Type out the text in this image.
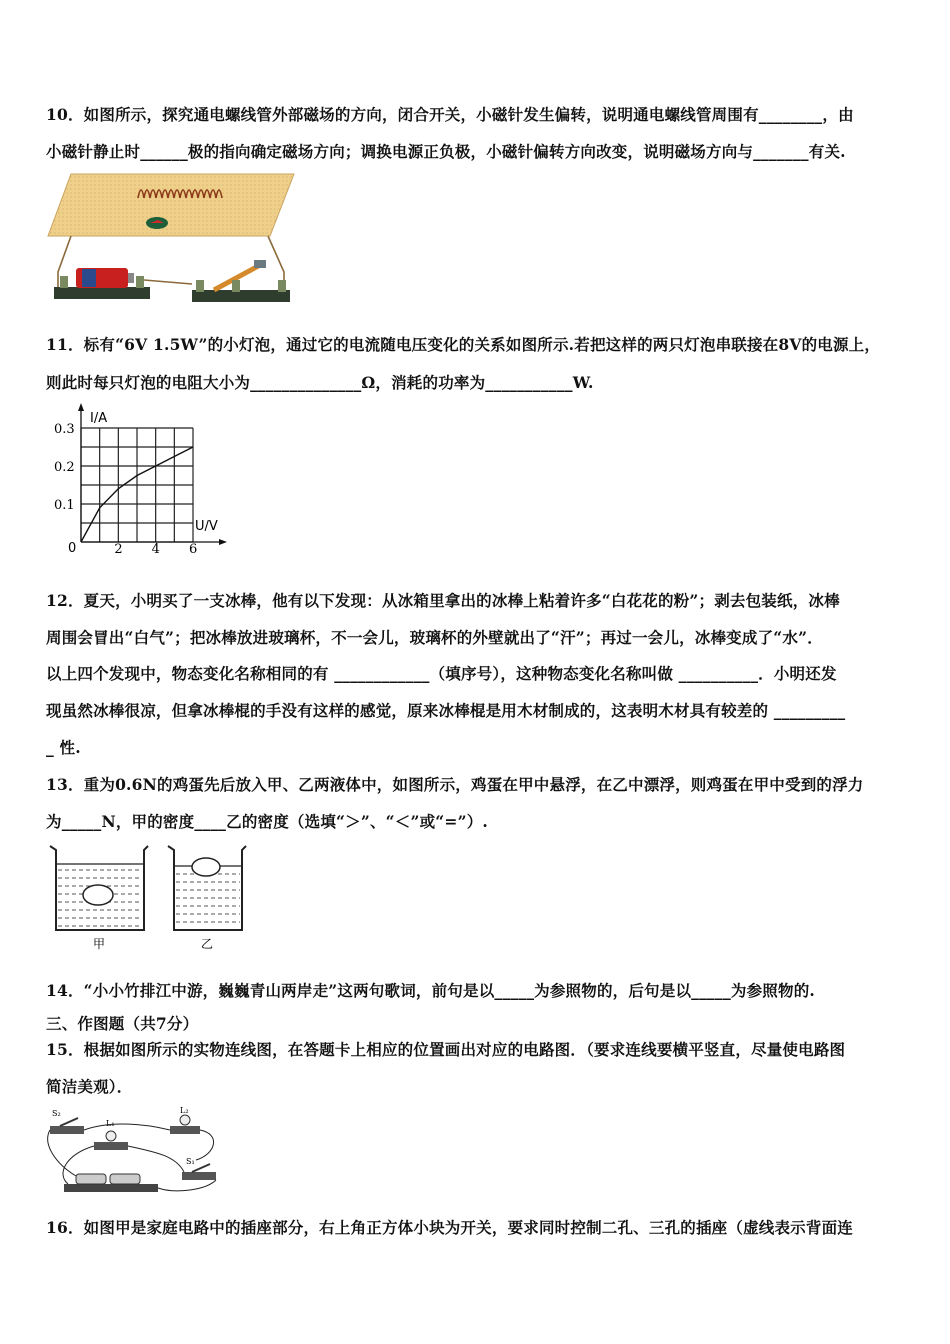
10．如图所示，探究通电螺线管外部磁场的方向，闭合开关，小磁针发生偏转，说明通电螺线管周围有________，由
小磁针静止时______极的指向确定磁场方向；调换电源正负极，小磁针偏转方向改变，说明磁场方向与_______有关.
11．标有“6V 1.5W”的小灯泡，通过它的电流随电压变化的关系如图所示.若把这样的两只灯泡串联接在8V的电源上，
则此时每只灯泡的电阻大小为______________Ω，消耗的功率为___________W.
I/A
U/V
0
0.1
0.2
0.3
2 4 6
12．夏天，小明买了一支冰棒，他有以下发现：从冰箱里拿出的冰棒上粘着许多“白花花的粉”；剥去包装纸，冰棒
周围会冒出“白气”；把冰棒放进玻璃杯，不一会儿，玻璃杯的外壁就出了“汗”；再过一会儿，冰棒变成了“水”．
以上四个发现中，物态变化名称相同的有 ____________（填序号），这种物态变化名称叫做 __________．小明还发
现虽然冰棒很凉，但拿冰棒棍的手没有这样的感觉，原来冰棒棍是用木材制成的，这表明木材具有较差的 _________
_ 性.
13．重为0.6N的鸡蛋先后放入甲、乙两液体中，如图所示，鸡蛋在甲中悬浮，在乙中漂浮，则鸡蛋在甲中受到的浮力
为_____N，甲的密度____乙的密度（选填“＞”、“＜”或“=”）.
甲	乙
14．“小小竹排江中游，巍巍青山两岸走”这两句歌词，前句是以_____为参照物的，后句是以_____为参照物的.
三、作图题（共7分）
15．根据如图所示的实物连线图，在答题卡上相应的位置画出对应的电路图．（要求连线要横平竖直，尽量使电路图
简洁美观）．
S₂	L₂
L₁
S₁
16．如图甲是家庭电路中的插座部分，右上角正方体小块为开关，要求同时控制二孔、三孔的插座（虚线表示背面连
